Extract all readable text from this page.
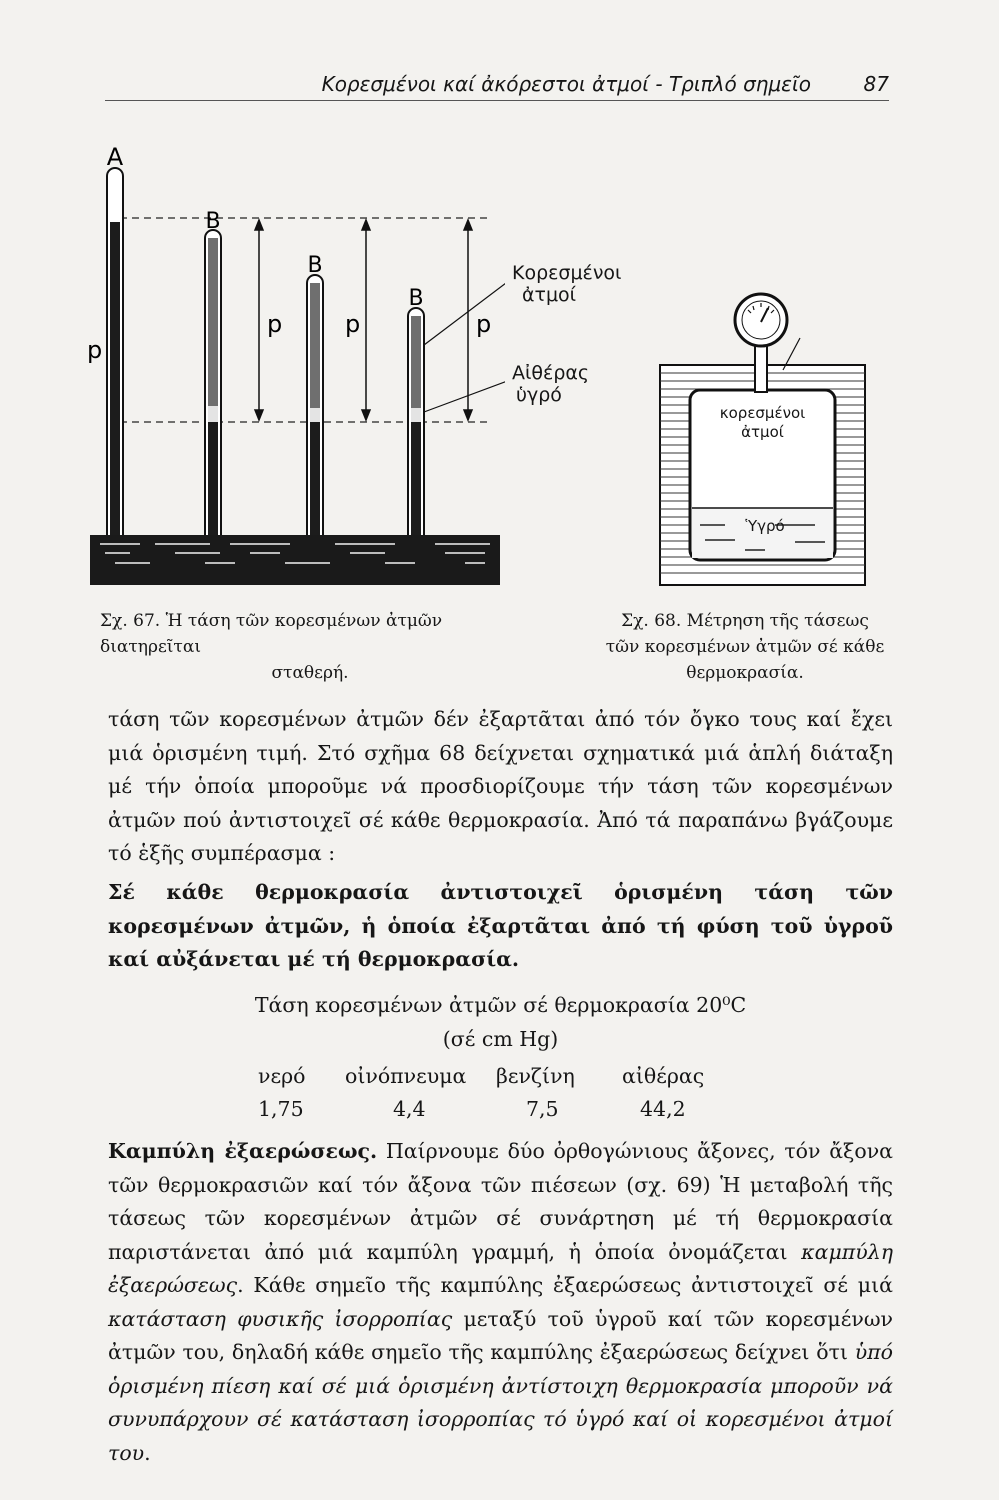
Κορεσμένοι καί ἀκόρεστοι ἀτμοί - Τριπλό σημεῖο	87
A
B
B
B
p
p	p	p
Κορεσμένοι
ἀτμοί
Αἰθέρας
ὑγρό
κορεσμένοι
ἀτμοί
Ὑγρό
Σχ. 67. Ἡ τάση τῶν κορεσμένων ἀτμῶν διατηρεῖται
σταθερή.
Σχ. 68. Μέτρηση τῆς τάσεως
τῶν κορεσμένων ἀτμῶν σέ κάθε
θερμοκρασία.

τάση τῶν κορεσμένων ἀτμῶν δέν ἐξαρτᾶται ἀπό τόν ὄγκο τους καί ἔχει μιά ὁρισμένη τιμή. Στό σχῆμα 68 δείχνεται σχηματικά μιά ἁπλή διάταξη μέ τήν ὁποία μποροῦμε νά προσδιορίζουμε τήν τάση τῶν κορεσμένων ἀτμῶν πού ἀντιστοιχεῖ σέ κάθε θερμοκρασία. Ἀπό τά παραπάνω βγάζουμε τό ἑξῆς συμπέρασμα :

Σέ κάθε θερμοκρασία ἀντιστοιχεῖ ὁρισμένη τάση τῶν κορεσμένων ἀτμῶν, ἡ ὁποία ἐξαρτᾶται ἀπό τή φύση τοῦ ὑγροῦ καί αὐξάνεται μέ τή θερμοκρασία.

Τάση κορεσμένων ἀτμῶν σέ θερμοκρασία 20⁰C
(σέ cm Hg)
νερό οἰνόπνευμα βενζίνη αἰθέρας
1,75	4,4	7,5	44,2

Καμπύλη ἐξαερώσεως. Παίρνουμε δύο ὀρθογώνιους ἄξονες, τόν ἄξονα τῶν θερμοκρασιῶν καί τόν ἄξονα τῶν πιέσεων (σχ. 69) Ἡ μεταβολή τῆς τάσεως τῶν κορεσμένων ἀτμῶν σέ συνάρτηση μέ τή θερμοκρασία παριστάνεται ἀπό μιά καμπύλη γραμμή, ἡ ὁποία ὀνομάζεται καμπύλη ἐξαερώσεως. Κάθε σημεῖο τῆς καμπύλης ἐξαερώσεως ἀντιστοιχεῖ σέ μιά κατάσταση φυσικῆς ἰσορροπίας μεταξύ τοῦ ὑγροῦ καί τῶν κορεσμένων ἀτμῶν του, δηλαδή κάθε σημεῖο τῆς καμπύλης ἐξαερώσεως δείχνει ὅτι ὑπό ὁρισμένη πίεση καί σέ μιά ὁρισμένη ἀντίστοιχη θερμοκρασία μποροῦν νά συνυπάρχουν σέ κατάσταση ἰσορροπίας τό ὑγρό καί οἱ κορεσμένοι ἀτμοί του.
